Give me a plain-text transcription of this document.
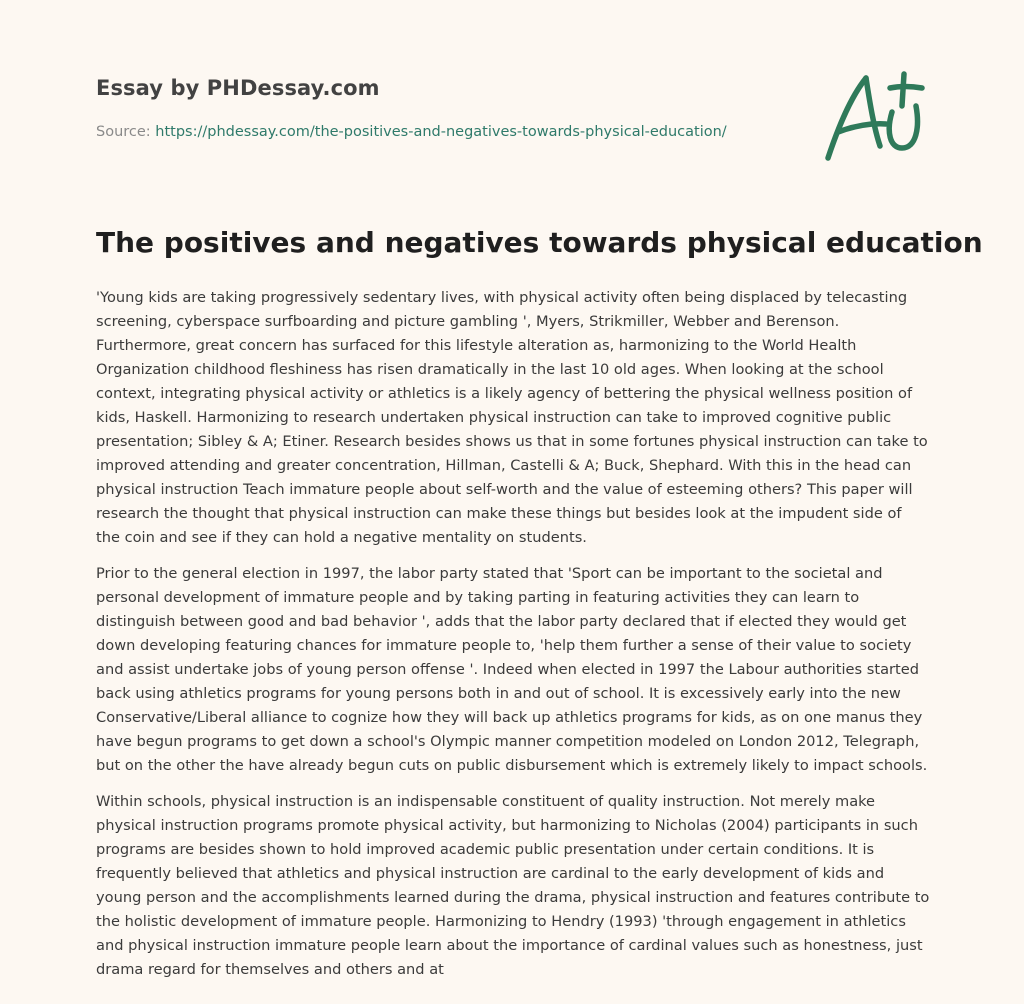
Essay by PHDessay.com
Source: https://phdessay.com/the-positives-and-negatives-towards-physical-education/
The positives and negatives towards physical education

'Young kids are taking progressively sedentary lives, with physical activity often being displaced by telecasting screening, cyberspace surfboarding and picture gambling ', Myers, Strikmiller, Webber and Berenson. Furthermore, great concern has surfaced for this lifestyle alteration as, harmonizing to the World Health Organization childhood fleshiness has risen dramatically in the last 10 old ages. When looking at the school context, integrating physical activity or athletics is a likely agency of bettering the physical wellness position of kids, Haskell. Harmonizing to research undertaken physical instruction can take to improved cognitive public presentation; Sibley & A; Etiner. Research besides shows us that in some fortunes physical instruction can take to improved attending and greater concentration, Hillman, Castelli & A; Buck, Shephard. With this in the head can physical instruction Teach immature people about self-worth and the value of esteeming others? This paper will research the thought that physical instruction can make these things but besides look at the impudent side of the coin and see if they can hold a negative mentality on students.

Prior to the general election in 1997, the labor party stated that 'Sport can be important to the societal and personal development of immature people and by taking parting in featuring activities they can learn to distinguish between good and bad behavior ', adds that the labor party declared that if elected they would get down developing featuring chances for immature people to, 'help them further a sense of their value to society and assist undertake jobs of young person offense '. Indeed when elected in 1997 the Labour authorities started back using athletics programs for young persons both in and out of school. It is excessively early into the new Conservative/Liberal alliance to cognize how they will back up athletics programs for kids, as on one manus they have begun programs to get down a school's Olympic manner competition modeled on London 2012, Telegraph, but on the other the have already begun cuts on public disbursement which is extremely likely to impact schools.

Within schools, physical instruction is an indispensable constituent of quality instruction. Not merely make physical instruction programs promote physical activity, but harmonizing to Nicholas (2004) participants in such programs are besides shown to hold improved academic public presentation under certain conditions. It is frequently believed that athletics and physical instruction are cardinal to the early development of kids and young person and the accomplishments learned during the drama, physical instruction and features contribute to the holistic development of immature people. Harmonizing to Hendry (1993) 'through engagement in athletics and physical instruction immature people learn about the importance of cardinal values such as honestness, just drama regard for themselves and others and at
